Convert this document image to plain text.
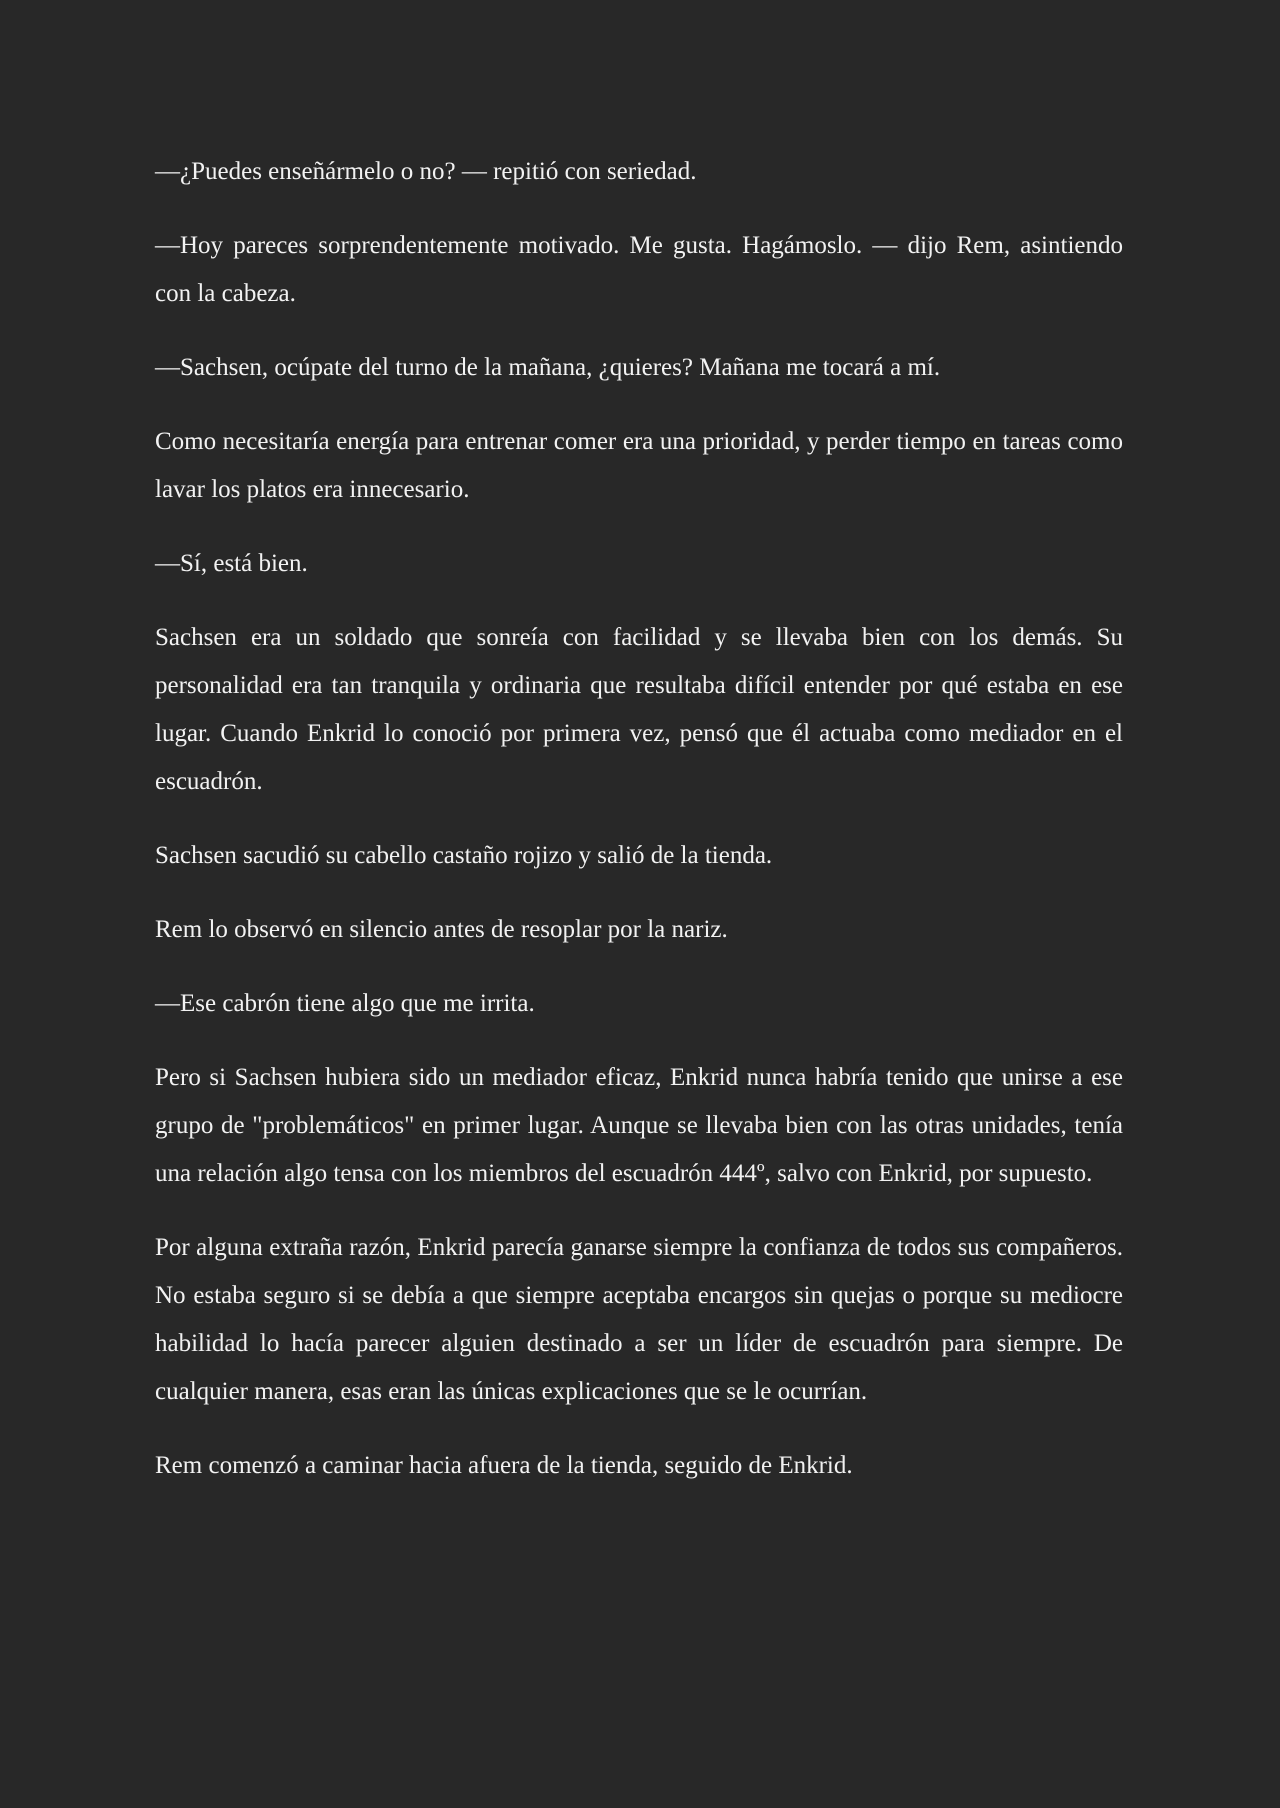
—¿Puedes enseñármelo o no? — repitió con seriedad.

—Hoy pareces sorprendentemente motivado. Me gusta. Hagámoslo. — dijo Rem, asintiendo con la cabeza.

—Sachsen, ocúpate del turno de la mañana, ¿quieres? Mañana me tocará a mí.

Como necesitaría energía para entrenar comer era una prioridad, y perder tiempo en tareas como lavar los platos era innecesario.

—Sí, está bien.

Sachsen era un soldado que sonreía con facilidad y se llevaba bien con los demás. Su personalidad era tan tranquila y ordinaria que resultaba difícil entender por qué estaba en ese lugar. Cuando Enkrid lo conoció por primera vez, pensó que él actuaba como mediador en el escuadrón.

Sachsen sacudió su cabello castaño rojizo y salió de la tienda.

Rem lo observó en silencio antes de resoplar por la nariz.

—Ese cabrón tiene algo que me irrita.

Pero si Sachsen hubiera sido un mediador eficaz, Enkrid nunca habría tenido que unirse a ese grupo de "problemáticos" en primer lugar. Aunque se llevaba bien con las otras unidades, tenía una relación algo tensa con los miembros del escuadrón 444º, salvo con Enkrid, por supuesto.

Por alguna extraña razón, Enkrid parecía ganarse siempre la confianza de todos sus compañeros. No estaba seguro si se debía a que siempre aceptaba encargos sin quejas o porque su mediocre habilidad lo hacía parecer alguien destinado a ser un líder de escuadrón para siempre. De cualquier manera, esas eran las únicas explicaciones que se le ocurrían.

Rem comenzó a caminar hacia afuera de la tienda, seguido de Enkrid.
